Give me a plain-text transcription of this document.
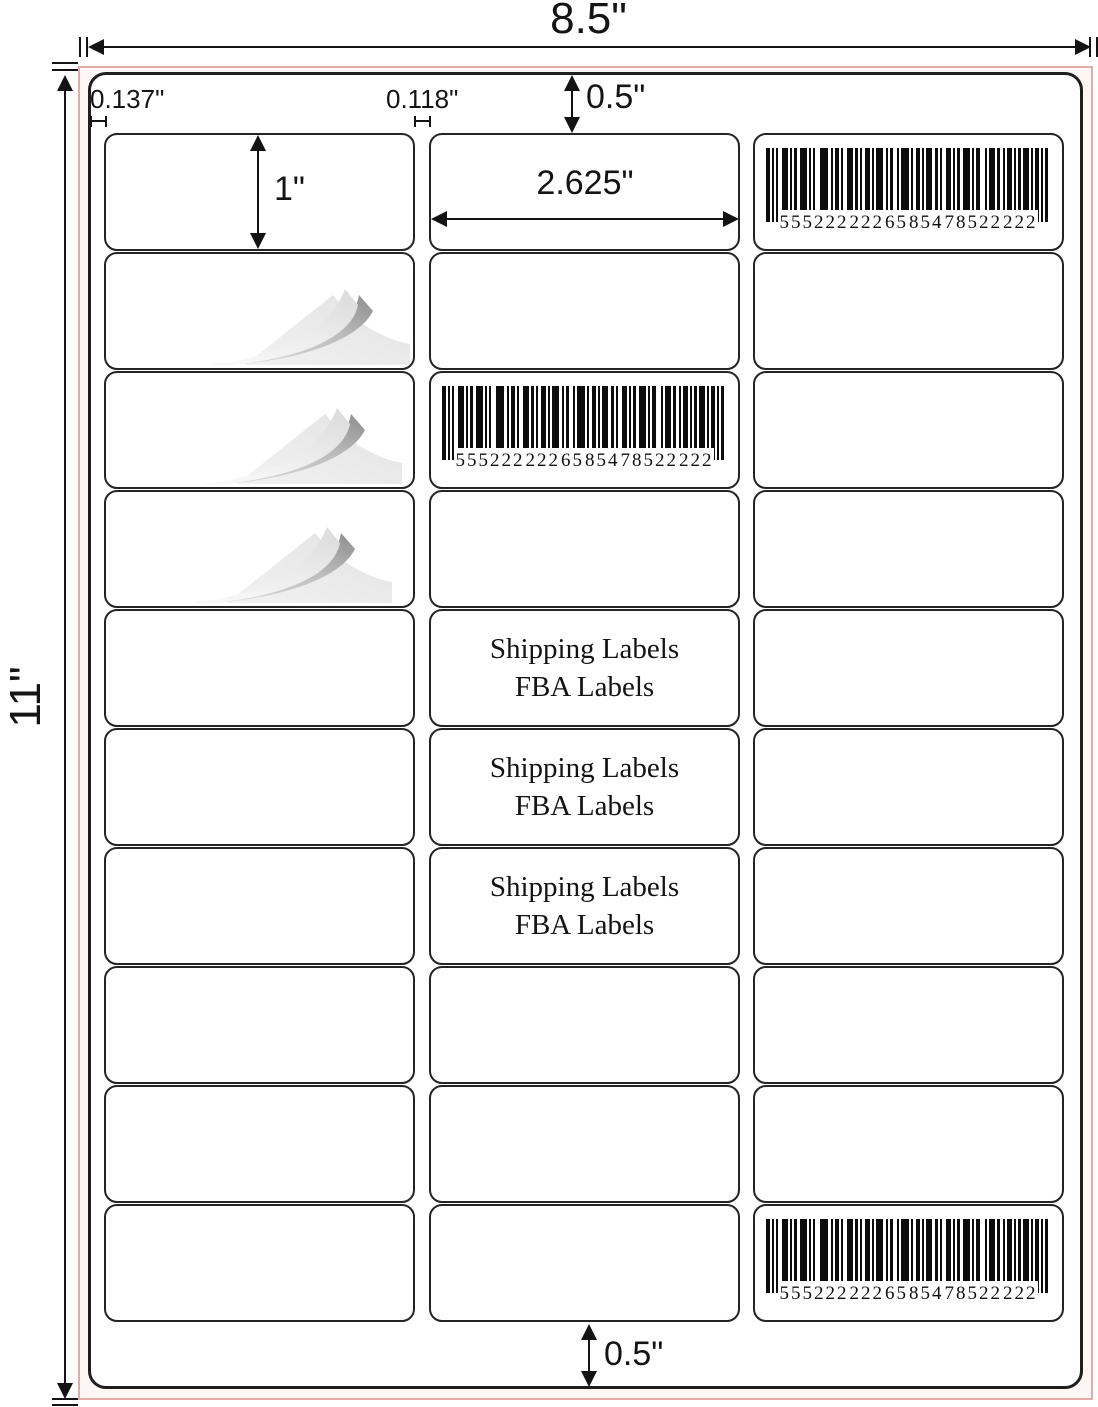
555222 222 65 854 78522 222
555222 222 65 854 78522 222
Shipping Labels
FBA Labels
Shipping Labels
FBA Labels
Shipping Labels
FBA Labels
555222 222 65 854 78522 222
8.5"
11"
0.5"
0.5"
0.137"	0.118"
1"	2.625"
